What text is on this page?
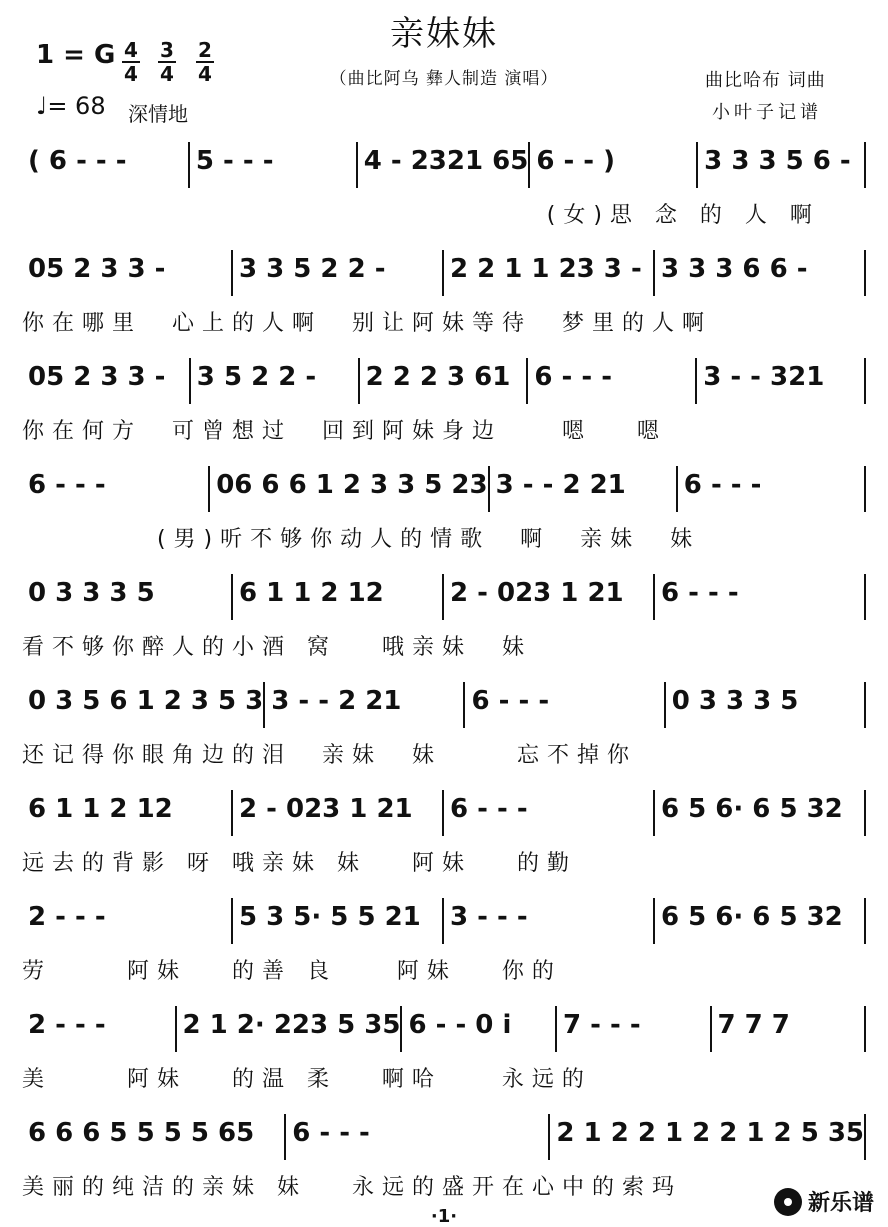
亲妹妹
（曲比阿乌 彝人制造 演唱）
1 = G 4
4
3
4
2
4
♩= 68 深情地
曲比哈布 词曲
小叶子记谱
( 6 - - -	5 - - -	4 - 2321 65 6 - - )	3 3 3 5 6 -
(女)思 念 的 人 啊
05 2 3 3 -	3 3 5 2 2 -	2 2 1 1 23 3 - 3 3 3 6 6 -
你在哪里  心上的人啊  别让阿妹等待  梦里的人啊
05 2 3 3 -	3 5 2 2 -	2 2 2 3 61 6 - - -	3 - - 321
你在何方  可曾想过  回到阿妹身边    嗯   嗯
6 - - -	06 6 6 1 2 3 3 5 23 3 - - 2 21	6 - - -
(男)听不够你动人的情歌  啊  亲妹  妹
0 3 3 3 5	6 1 1 2 12	2 - 023 1 21	6 - - -
看不够你醉人的小酒 窝   哦亲妹  妹
0 3 5 6 1 2 3 5 3 3 - - 2 21	6 - - -	0 3 3 3 5
还记得你眼角边的泪  亲妹  妹     忘不掉你
6 1 1 2 12	2 - 023 1 21	6 - - -	6 5 6· 6 5 32
远去的背影 呀 哦亲妹 妹   阿妹   的勤
2 - - -	5 3 5· 5 5 21	3 - - -	6 5 6· 6 5 32
劳     阿妹   的善 良    阿妹   你的
2 - - -	2 1 2· 223 5 35 6 - - 0 i	7 - - -	7 7 7
美     阿妹   的温 柔   啊哈    永远的
6 6 6 5 5 5 5 65	6 - - -	2 1 2 2 1 2 2 1 2 5 35
美丽的纯洁的亲妹 妹   永远的盛开在心中的索玛
·1·
新乐谱
